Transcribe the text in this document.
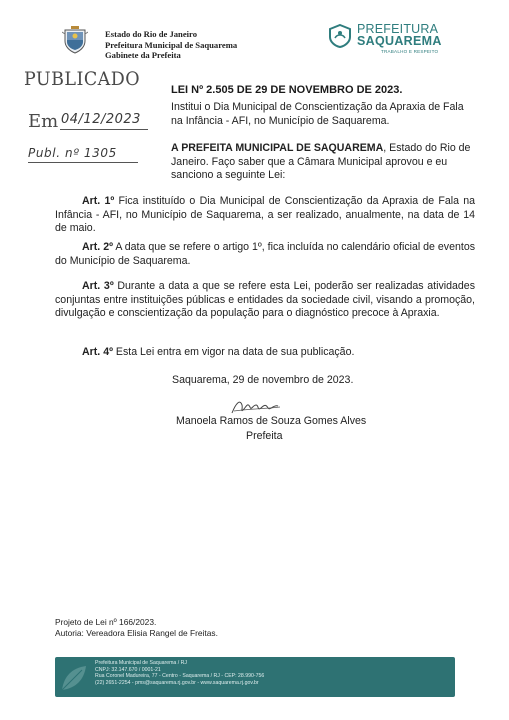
Estado do Rio de Janeiro
Prefeitura Municipal de Saquarema
Gabinete da Prefeita
PREFEITURA
SAQUAREMA
TRABALHO E RESPEITO
PUBLICADO
Em 04/12/2023
Publ. nº 1305
LEI Nº 2.505 DE 29 DE NOVEMBRO DE 2023.
Institui o Dia Municipal de Conscientização da Apraxia de Fala na Infância - AFI, no Município de Saquarema.
A PREFEITA MUNICIPAL DE SAQUAREMA, Estado do Rio de Janeiro. Faço saber que a Câmara Municipal aprovou e eu sanciono a seguinte Lei:
Art. 1º Fica instituído o Dia Municipal de Conscientização da Apraxia de Fala na Infância - AFI, no Município de Saquarema, a ser realizado, anualmente, na data de 14 de maio.
Art. 2º A data que se refere o artigo 1º, fica incluída no calendário oficial de eventos do Município de Saquarema.
Art. 3º Durante a data a que se refere esta Lei, poderão ser realizadas atividades conjuntas entre instituições públicas e entidades da sociedade civil, visando a promoção, divulgação e conscientização da população para o diagnóstico precoce à Apraxia.
Art. 4º Esta Lei entra em vigor na data de sua publicação.
Saquarema, 29 de novembro de 2023.
Manoela Ramos de Souza Gomes Alves
Prefeita
Projeto de Lei nº 166/2023.
Autoria: Vereadora Elisia Rangel de Freitas.
Prefeitura Municipal de Saquarema / RJ
CNPJ: 32.147.670 / 0001-21
Rua Coronel Madureira, 77 - Centro - Saquarema / RJ - CEP: 28.990-756
(22) 2651-2254 - pms@saquarema.rj.gov.br - www.saquarema.rj.gov.br
